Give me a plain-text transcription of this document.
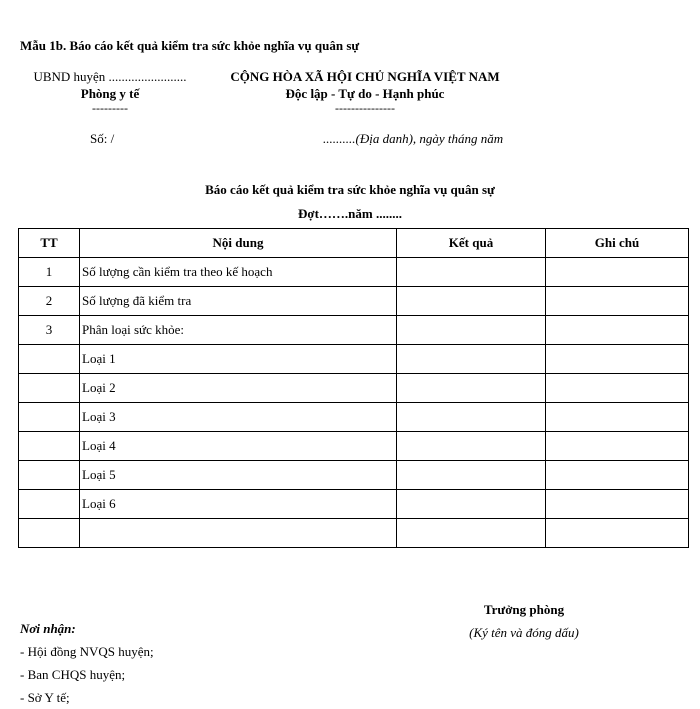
Mẫu 1b. Báo cáo kết quả kiểm tra sức khỏe nghĩa vụ quân sự
UBND huyện ........................
Phòng y tế
---------
CỘNG HÒA XÃ HỘI CHỦ NGHĨA VIỆT NAM
Độc lập - Tự do - Hạnh phúc
---------------
Số: /	..........(Địa danh), ngày tháng năm
Báo cáo kết quả kiểm tra sức khỏe nghĩa vụ quân sự
Đợt…….năm ........
TT	Nội dung	Kết quả	Ghi chú
1	Số lượng cần kiểm tra theo kế hoạch		
2	Số lượng đã kiểm tra		
3	Phân loại sức khỏe:		
	Loại 1		
	Loại 2		
	Loại 3		
	Loại 4		
	Loại 5		
	Loại 6		

Trưởng phòng
(Ký tên và đóng dấu)
Nơi nhận:
- Hội đồng NVQS huyện;
- Ban CHQS huyện;
- Sở Y tế;
